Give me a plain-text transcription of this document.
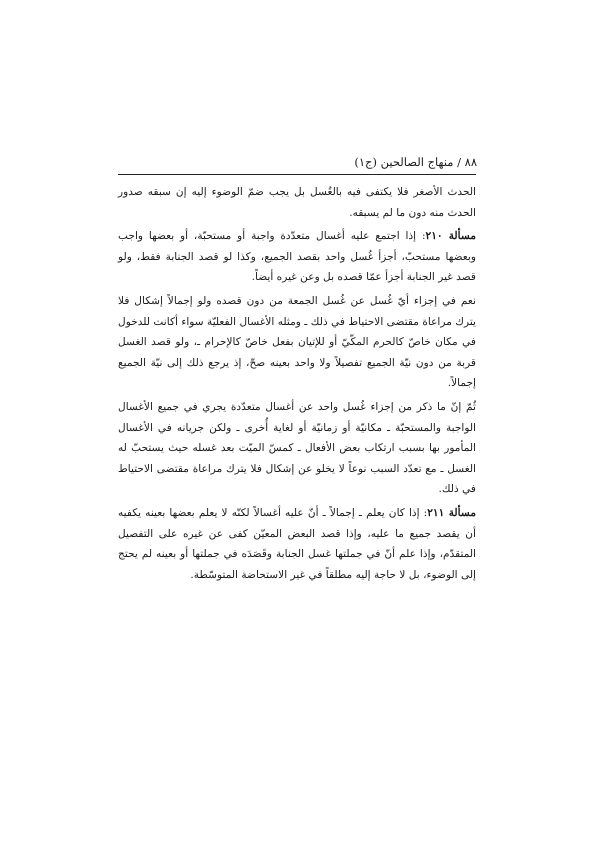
٨٨ / منهاج الصالحين (ج١)

الحدث الأصغر فلا يكتفى فيه بالغُسل بل يجب ضمّ الوضوء إليه إن سبقه صدور الحدث منه دون ما لم يسبقه.

مسألة ٢١٠: إذا اجتمع عليه أغسال متعدّدة واجبة أو مستحبّة، أو بعضها واجب وبعضها مستحبّ، أجزأ غُسل واحد بقصد الجميع، وكذا لو قصد الجنابة فقط، ولو قصد غير الجنابة أجزأ عمّا قصده بل وعن غيره أيضاً.

نعم في إجزاء أيّ غُسل عن غُسل الجمعة من دون قصده ولو إجمالاً إشكال فلا يترك مراعاة مقتضى الاحتياط في ذلك ـ ومثله الأغسال الفعليّة سواء أكانت للدخول في مكان خاصّ كالحرم المكّيّ أو للإتيان بفعل خاصّ كالإحرام ـ، ولو قصد الغسل قربة من دون نيّة الجميع تفصيلاً ولا واحد بعينه صحّ، إذ يرجع ذلك إلى نيّة الجميع إجمالاً.

ثُمّ إنّ ما ذكر من إجزاء غُسل واحد عن أغسال متعدّدة يجري في جميع الأغسال الواجبة والمستحبّة ـ مكانيّة أو زمانيّة أو لغاية أُخرى ـ ولكن جريانه في الأغسال المأمور بها بسبب ارتكاب بعض الأفعال ـ كمسّ الميّت بعد غسله حيث يستحبّ له الغسل ـ مع تعدّد السبب نوعاً لا يخلو عن إشكال فلا يترك مراعاة مقتضى الاحتياط في ذلك.

مسألة ٢١١: إذا كان يعلم ـ إجمالاً ـ أنّ عليه أغسالاً لكنّه لا يعلم بعضها بعينه يكفيه أن يقصد جميع ما عليه، وإذا قصد البعض المعيّن كفى عن غيره على التفصيل المتقدّم، وإذا علم أنّ في جملتها غسل الجنابة وقَصَدَه في جملتها أو بعينه لم يحتج إلى الوضوء، بل لا حاجة إليه مطلقاً في غير الاستحاضة المتوسّطة.
